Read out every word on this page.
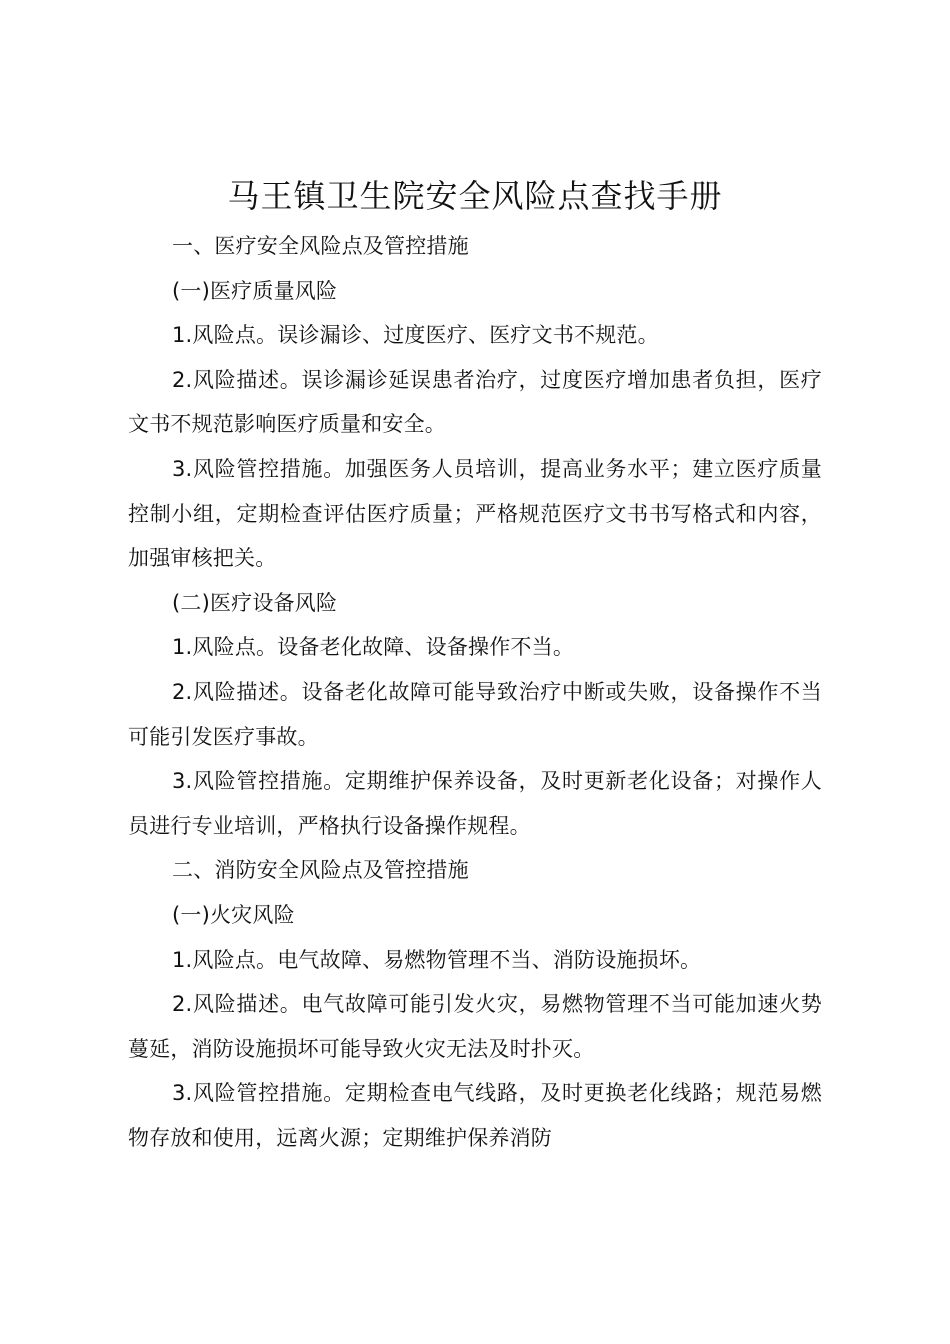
马王镇卫生院安全风险点查找手册

一、医疗安全风险点及管控措施

(一)医疗质量风险

1.风险点。误诊漏诊、过度医疗、医疗文书不规范。

2.风险描述。误诊漏诊延误患者治疗，过度医疗增加患者负担，医疗文书不规范影响医疗质量和安全。

3.风险管控措施。加强医务人员培训，提高业务水平；建立医疗质量控制小组，定期检查评估医疗质量；严格规范医疗文书书写格式和内容，加强审核把关。

(二)医疗设备风险

1.风险点。设备老化故障、设备操作不当。

2.风险描述。设备老化故障可能导致治疗中断或失败，设备操作不当可能引发医疗事故。

3.风险管控措施。定期维护保养设备，及时更新老化设备；对操作人员进行专业培训，严格执行设备操作规程。

二、消防安全风险点及管控措施

(一)火灾风险

1.风险点。电气故障、易燃物管理不当、消防设施损坏。

2.风险描述。电气故障可能引发火灾，易燃物管理不当可能加速火势蔓延，消防设施损坏可能导致火灾无法及时扑灭。

3.风险管控措施。定期检查电气线路，及时更换老化线路；规范易燃物存放和使用，远离火源；定期维护保养消防
